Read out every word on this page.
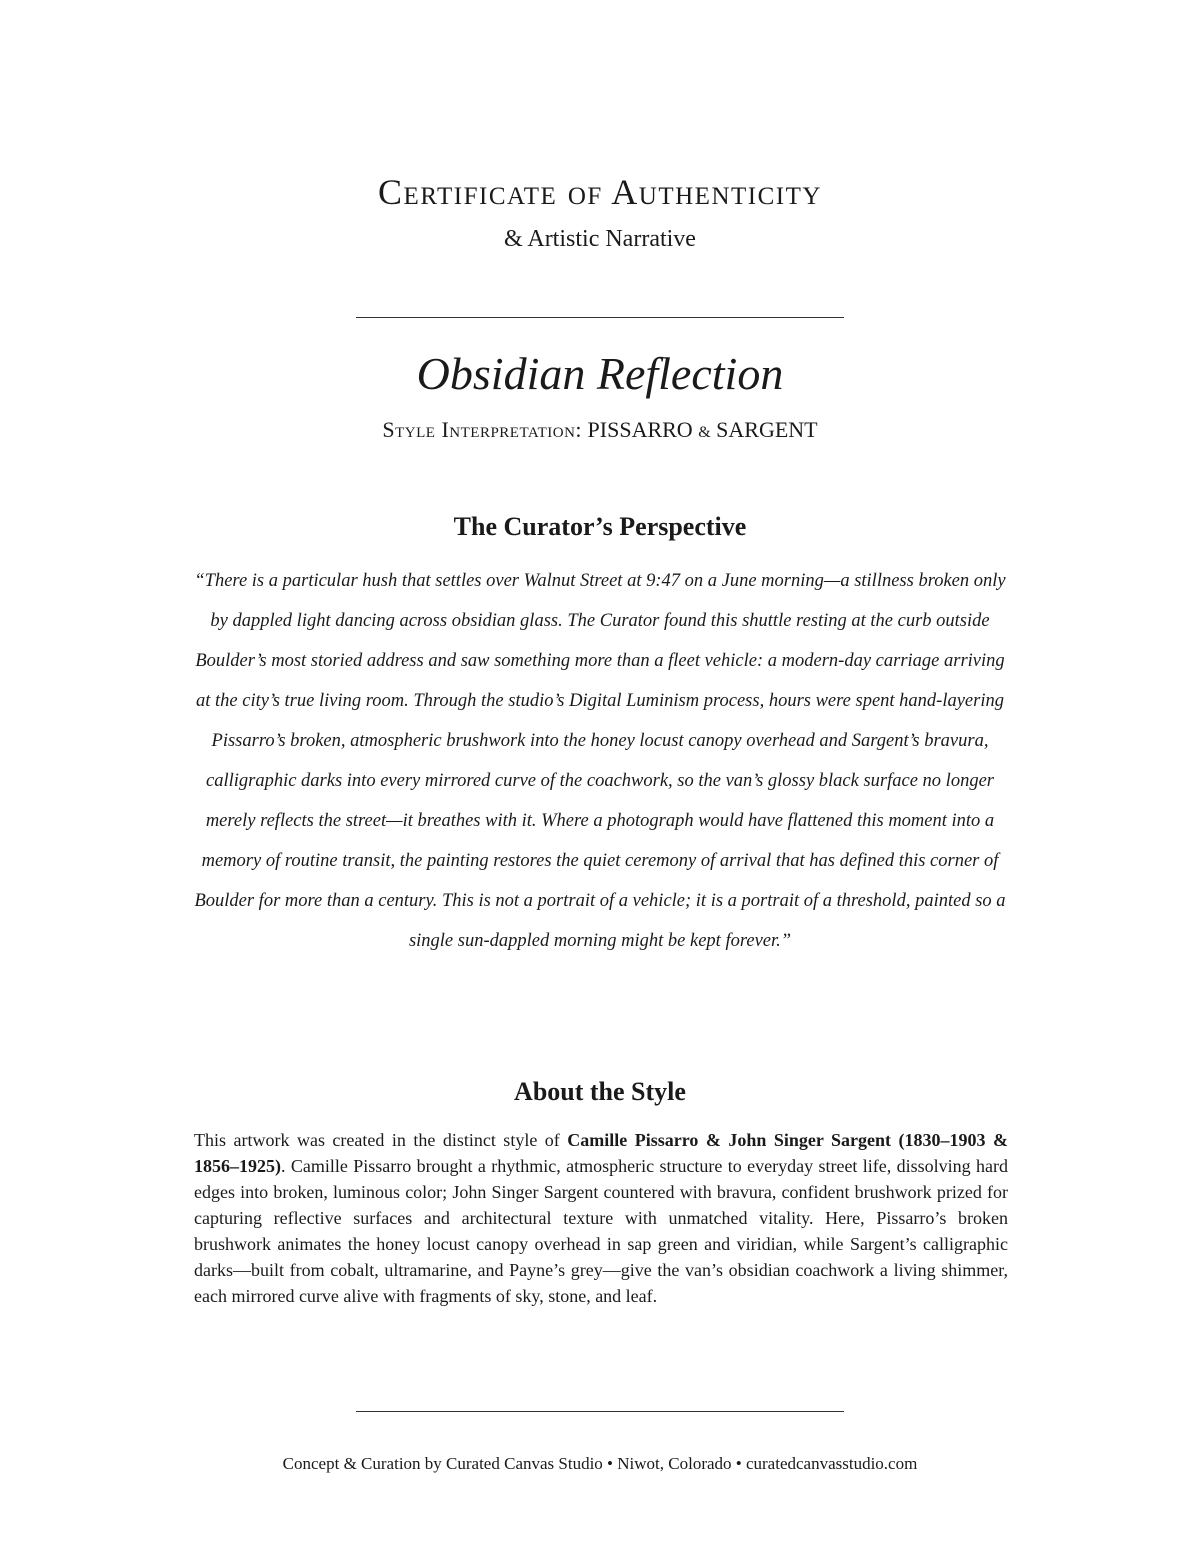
Certificate of Authenticity
& Artistic Narrative
Obsidian Reflection
Style Interpretation: PISSARRO & SARGENT
The Curator’s Perspective
“There is a particular hush that settles over Walnut Street at 9:47 on a June morning—a stillness broken only by dappled light dancing across obsidian glass. The Curator found this shuttle resting at the curb outside Boulder’s most storied address and saw something more than a fleet vehicle: a modern-day carriage arriving at the city’s true living room. Through the studio’s Digital Luminism process, hours were spent hand-layering Pissarro’s broken, atmospheric brushwork into the honey locust canopy overhead and Sargent’s bravura, calligraphic darks into every mirrored curve of the coachwork, so the van’s glossy black surface no longer merely reflects the street—it breathes with it. Where a photograph would have flattened this moment into a memory of routine transit, the painting restores the quiet ceremony of arrival that has defined this corner of Boulder for more than a century. This is not a portrait of a vehicle; it is a portrait of a threshold, painted so a single sun-dappled morning might be kept forever.”
About the Style
This artwork was created in the distinct style of Camille Pissarro & John Singer Sargent (1830–1903 & 1856–1925). Camille Pissarro brought a rhythmic, atmospheric structure to everyday street life, dissolving hard edges into broken, luminous color; John Singer Sargent countered with bravura, confident brushwork prized for capturing reflective surfaces and architectural texture with unmatched vitality. Here, Pissarro’s broken brushwork animates the honey locust canopy overhead in sap green and viridian, while Sargent’s calligraphic darks—built from cobalt, ultramarine, and Payne’s grey—give the van’s obsidian coachwork a living shimmer, each mirrored curve alive with fragments of sky, stone, and leaf.
Concept & Curation by Curated Canvas Studio • Niwot, Colorado • curatedcanvasstudio.com
